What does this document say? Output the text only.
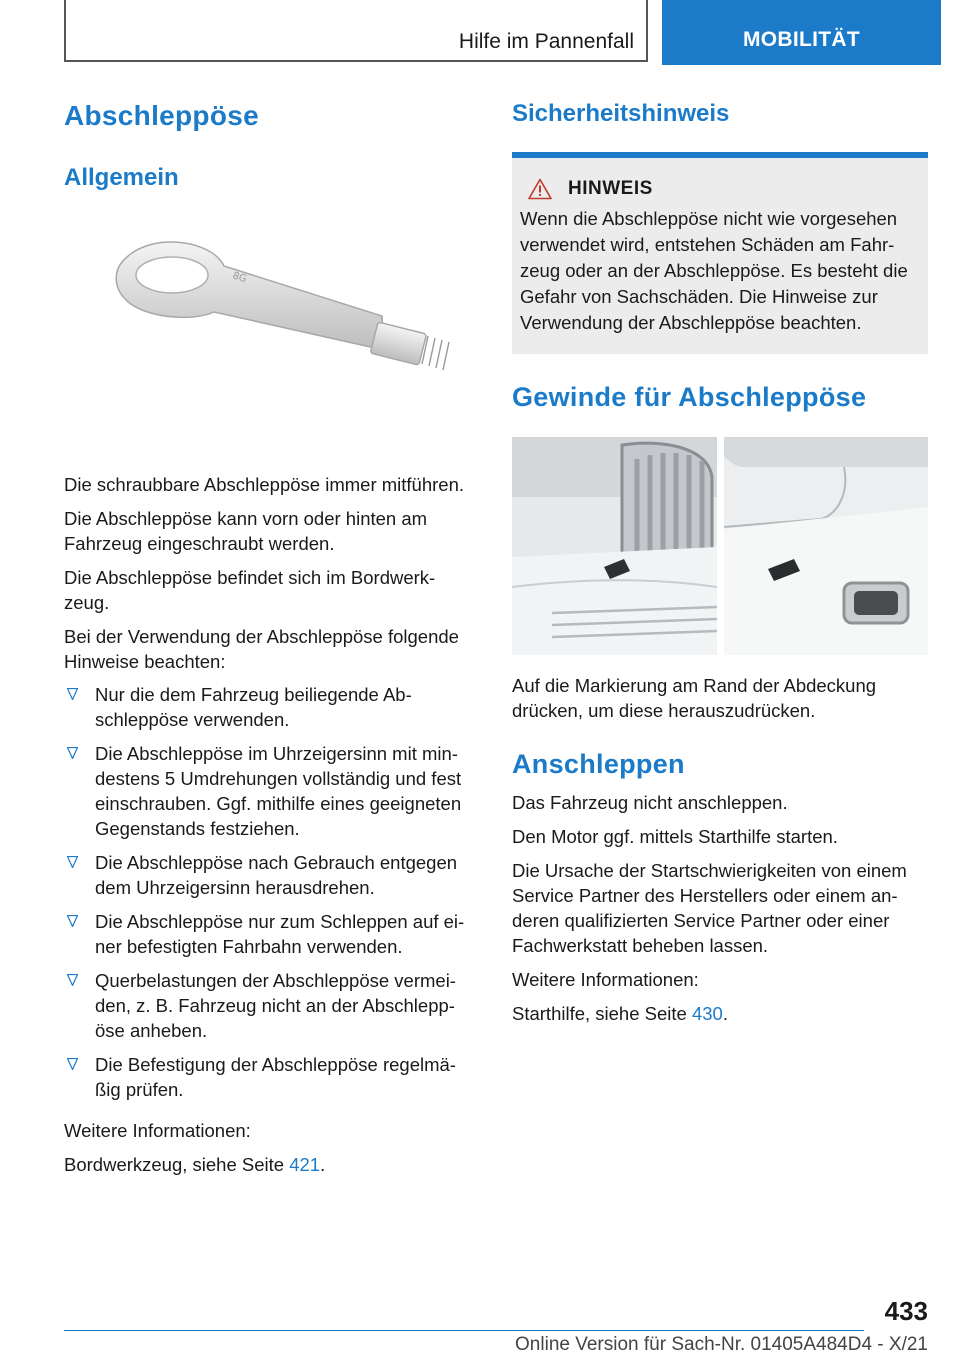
Hilfe im Pannenfall	MOBILITÄT
Abschleppöse
Allgemein
8G

Die schraubbare Abschleppöse immer mitführen.

Die Abschleppöse kann vorn oder hinten am Fahrzeug eingeschraubt werden.

Die Abschleppöse befindet sich im Bordwerk-zeug.

Bei der Verwendung der Abschleppöse folgende Hinweise beachten:

Nur die dem Fahrzeug beiliegende Ab-schleppöse verwenden.
Die Abschleppöse im Uhrzeigersinn mit min-destens 5 Umdrehungen vollständig und fest einschrauben. Ggf. mithilfe eines geeigneten Gegenstands festziehen.
Die Abschleppöse nach Gebrauch entgegen dem Uhrzeigersinn herausdrehen.
Die Abschleppöse nur zum Schleppen auf ei-ner befestigten Fahrbahn verwenden.
Querbelastungen der Abschleppöse vermei-den, z. B. Fahrzeug nicht an der Abschlepp-öse anheben.
Die Befestigung der Abschleppöse regelmä-ßig prüfen.

Weitere Informationen:

Bordwerkzeug, siehe Seite 421.

Sicherheitshinweis
HINWEIS

Wenn die Abschleppöse nicht wie vorgesehen verwendet wird, entstehen Schäden am Fahr-zeug oder an der Abschleppöse. Es besteht die Gefahr von Sachschäden. Die Hinweise zur Verwendung der Abschleppöse beachten.

Gewinde für Abschleppöse

Auf die Markierung am Rand der Abdeckung drücken, um diese herauszudrücken.

Anschleppen

Das Fahrzeug nicht anschleppen.

Den Motor ggf. mittels Starthilfe starten.

Die Ursache der Startschwierigkeiten von einem Service Partner des Herstellers oder einem an-deren qualifizierten Service Partner oder einer Fachwerkstatt beheben lassen.

Weitere Informationen:

Starthilfe, siehe Seite 430.

433
Online Version für Sach-Nr. 01405A484D4 - X/21
